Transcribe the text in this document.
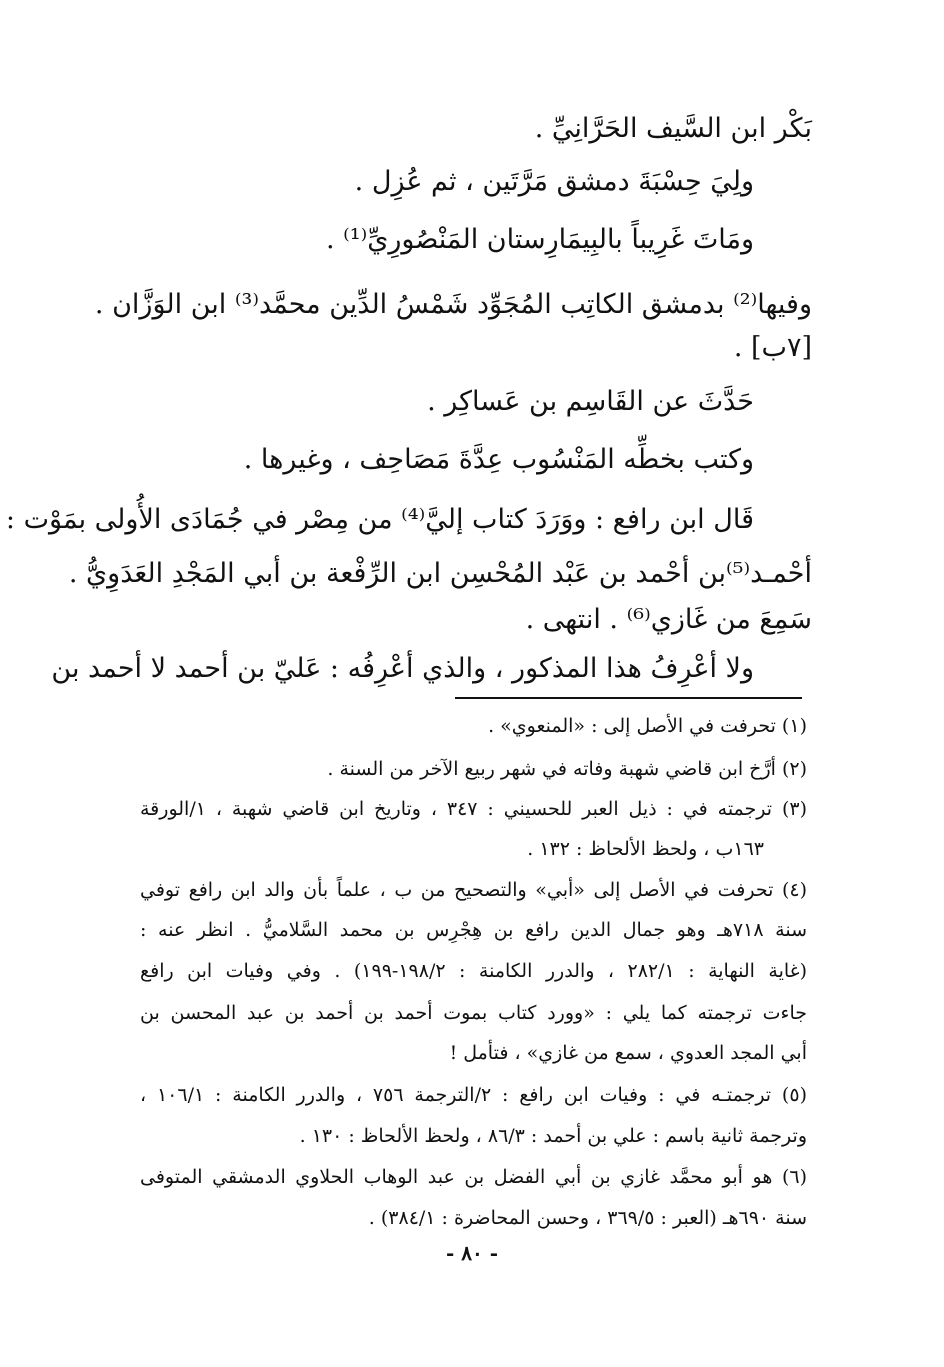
بَكْر ابن السَّيف الحَرَّانِيِّ .
ولِيَ حِسْبَةَ دمشق مَرَّتَين ، ثم عُزِل .
ومَاتَ غَرِيباً بالبِيمَارِستان المَنْصُورِيِّ⁽¹⁾ .
وفيها⁽²⁾ بدمشق الكاتِب المُجَوِّد شَمْسُ الدِّين محمَّد⁽³⁾ ابن الوَزَّان .
[٧ب] .
حَدَّثَ عن القَاسِم بن عَساكِر .
وكتب بخطِّه المَنْسُوب عِدَّةَ مَصَاحِف ، وغيرها .
قَال ابن رافع : ووَرَدَ كتاب إليَّ⁽⁴⁾ من مِصْر في جُمَادَى الأُولى بمَوْت :
أحْمـد⁽⁵⁾بن أحْمد بن عَبْد المُحْسِن ابن الرِّفْعة بن أبي المَجْدِ العَدَوِيُّ .
سَمِعَ من غَازي⁽⁶⁾ . انتهى .
ولا أعْرِفُ هذا المذكور ، والذي أعْرِفُه : عَليّ بن أحمد لا أحمد بن
(١) تحرفت في الأصل إلى : «المنعوي» .
(٢) أرَّخ ابن قاضي شهبة وفاته في شهر ربيع الآخر من السنة .
(٣) ترجمته في : ذيل العبر للحسيني : ٣٤٧ ، وتاريخ ابن قاضي شهبة ، ١/الورقة
١٦٣ب ، ولحظ الألحاظ : ١٣٢ .
(٤) تحرفت في الأصل إلى «أبي» والتصحيح من ب ، علماً بأن والد ابن رافع توفي
سنة ٧١٨هـ وهو جمال الدين رافع بن هِجْرِس بن محمد السَّلاميُّ . انظر عنه :
(غاية النهاية : ٢٨٢/١ ، والدرر الكامنة : ١٩٨/٢-١٩٩) . وفي وفيات ابن رافع
جاءت ترجمته كما يلي : «وورد كتاب بموت أحمد بن أحمد بن عبد المحسن بن
أبي المجد العدوي ، سمع من غازي» ، فتأمل !
(٥) ترجمتـه في : وفيات ابن رافع : ٢/الترجمة ٧٥٦ ، والدرر الكامنة : ١٠٦/١ ،
وترجمة ثانية باسم : علي بن أحمد : ٨٦/٣ ، ولحظ الألحاظ : ١٣٠ .
(٦) هو أبو محمَّد غازي بن أبي الفضل بن عبد الوهاب الحلاوي الدمشقي المتوفى
سنة ٦٩٠هـ (العبر : ٣٦٩/٥ ، وحسن المحاضرة : ٣٨٤/١) .
- ٨٠ -
